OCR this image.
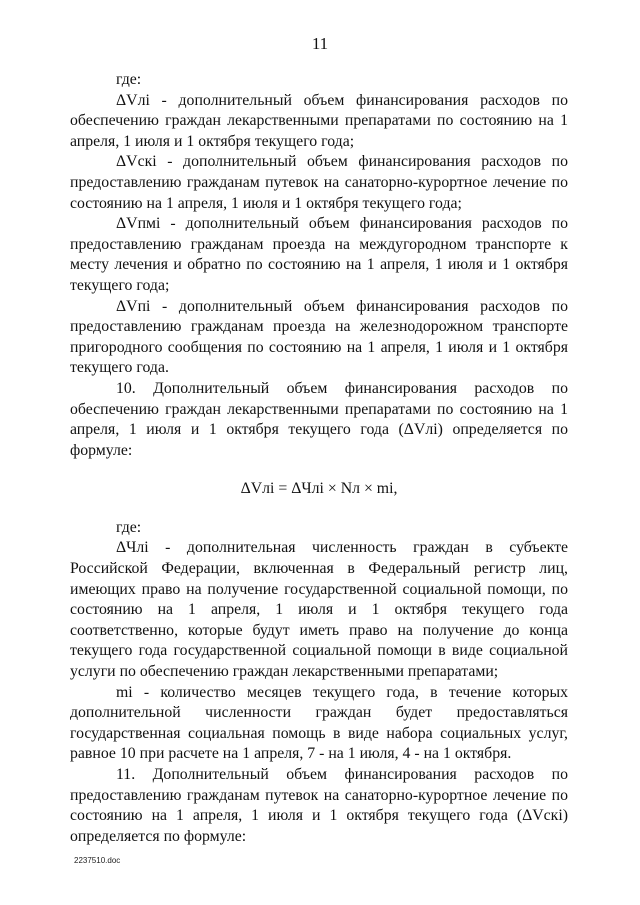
11

где:

ΔVлi - дополнительный объем финансирования расходов по обеспечению граждан лекарственными препаратами по состоянию на 1 апреля, 1 июля и 1 октября текущего года;

ΔVcкi - дополнительный объем финансирования расходов по предоставлению гражданам путевок на санаторно-курортное лечение по состоянию на 1 апреля, 1 июля и 1 октября текущего года;

ΔVпмi - дополнительный объем финансирования расходов по предоставлению гражданам проезда на междугородном транспорте к месту лечения и обратно по состоянию на 1 апреля, 1 июля и 1 октября текущего года;

ΔVпi - дополнительный объем финансирования расходов по предоставлению гражданам проезда на железнодорожном транспорте пригородного сообщения по состоянию на 1 апреля, 1 июля и 1 октября текущего года.

10. Дополнительный объем финансирования расходов по обеспечению граждан лекарственными препаратами по состоянию на 1 апреля, 1 июля и 1 октября текущего года (ΔVлi) определяется по формуле:

ΔVлi = ΔЧлi × Nл × mi,

где:

ΔЧлi - дополнительная численность граждан в субъекте Российской Федерации, включенная в Федеральный регистр лиц, имеющих право на получение государственной социальной помощи, по состоянию на 1 апреля, 1 июля и 1 октября текущего года соответственно, которые будут иметь право на получение до конца текущего года государственной социальной помощи в виде социальной услуги по обеспечению граждан лекарственными препаратами;

mi - количество месяцев текущего года, в течение которых дополнительной численности граждан будет предоставляться государственная социальная помощь в виде набора социальных услуг, равное 10 при расчете на 1 апреля, 7 - на 1 июля, 4 - на 1 октября.

11. Дополнительный объем финансирования расходов по предоставлению гражданам путевок на санаторно-курортное лечение по состоянию на 1 апреля, 1 июля и 1 октября текущего года (ΔVcкi) определяется по формуле:

2237510.doc
